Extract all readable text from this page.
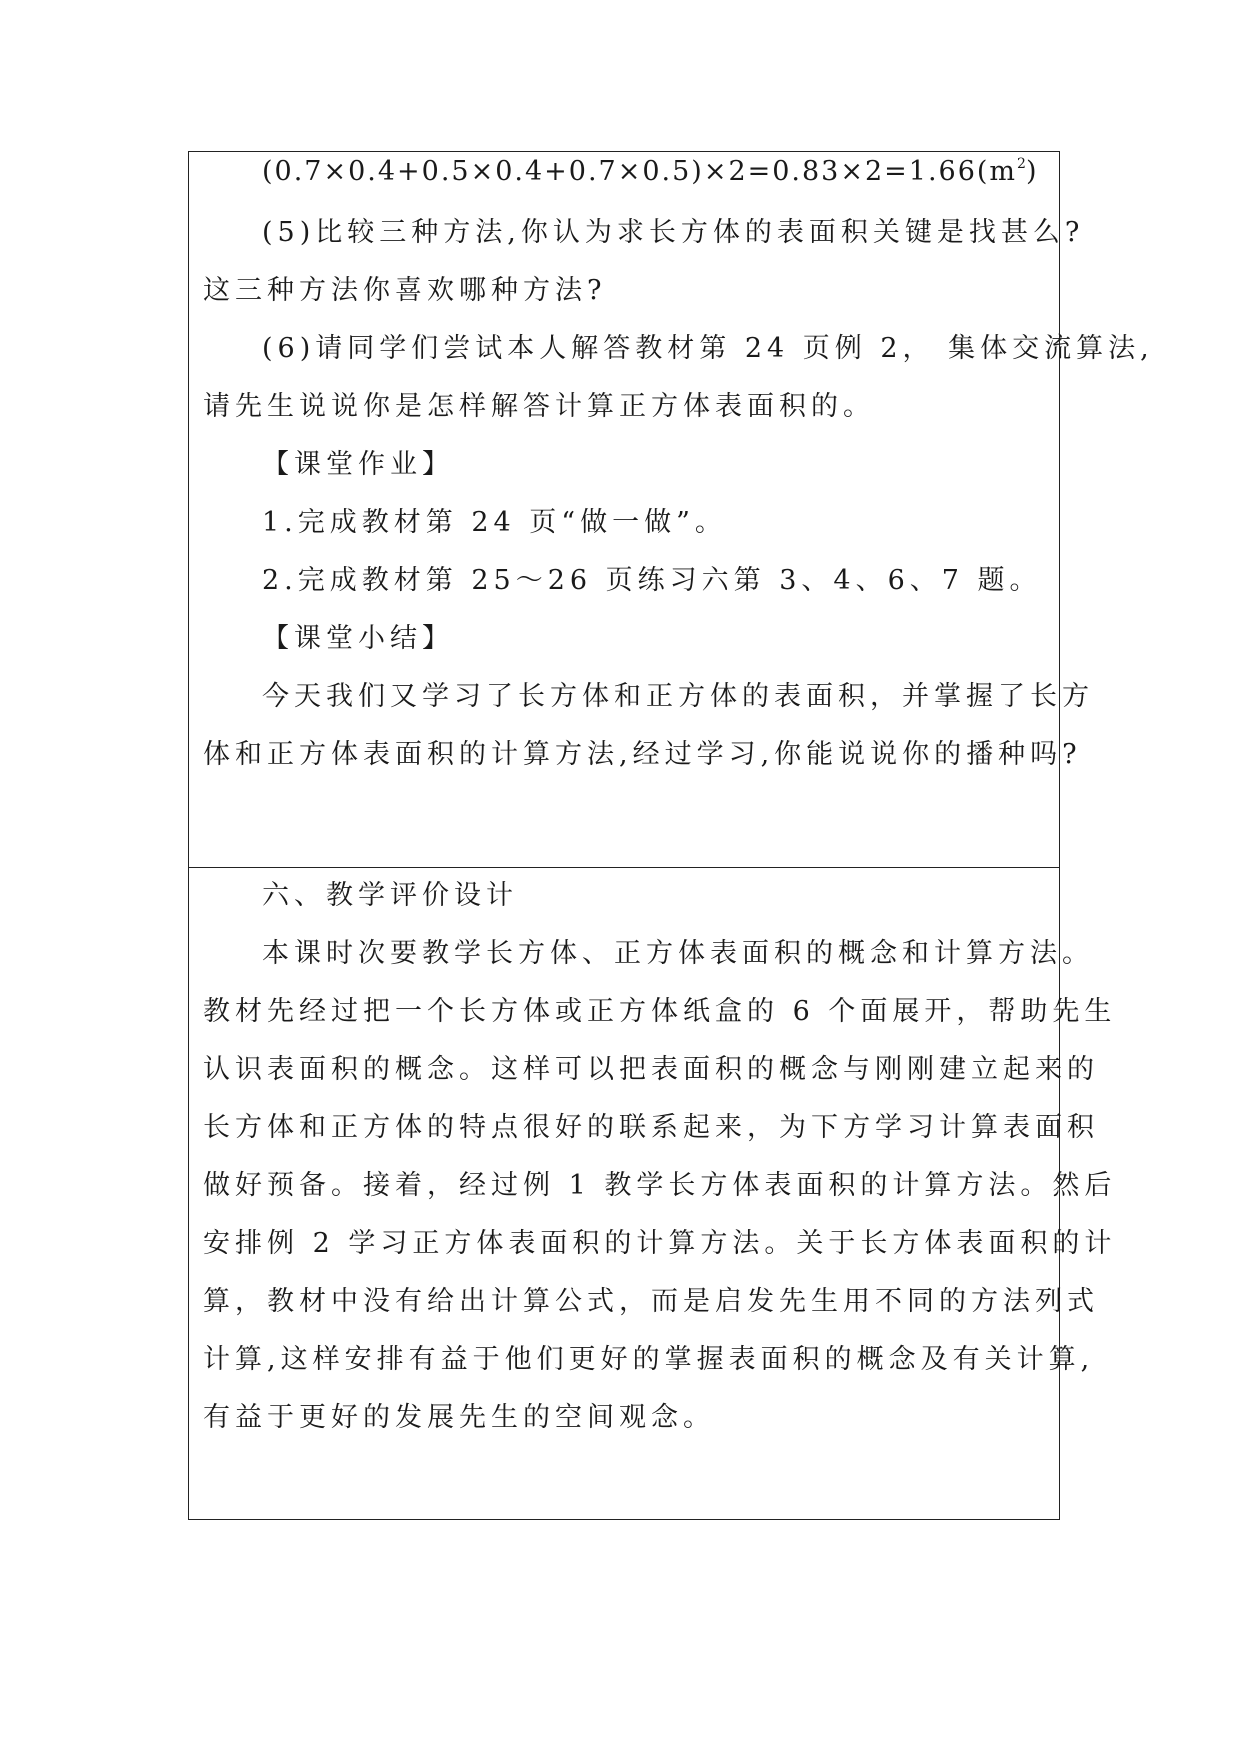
$(0.7\times 0.4+0.5\times 0.4+0.7\times 0.5)\times 2=0.83\times 2=1.66(m^2)$
(5)比较三种方法,你认为求长方体的表面积关键是找甚么?
这三种方法你喜欢哪种方法?
(6)请同学们尝试本人解答教材第 24 页例 2， 集体交流算法,
请先生说说你是怎样解答计算正方体表面积的。
【课堂作业】
1.完成教材第 24 页“做一做”。
2.完成教材第 25～26 页练习六第 3、4、6、7 题。
【课堂小结】
今天我们又学习了长方体和正方体的表面积，并掌握了长方
体和正方体表面积的计算方法,经过学习,你能说说你的播种吗?
六、教学评价设计
本课时次要教学长方体、正方体表面积的概念和计算方法。
教材先经过把一个长方体或正方体纸盒的 6 个面展开，帮助先生
认识表面积的概念。这样可以把表面积的概念与刚刚建立起来的
长方体和正方体的特点很好的联系起来，为下方学习计算表面积
做好预备。接着，经过例 1 教学长方体表面积的计算方法。然后
安排例 2 学习正方体表面积的计算方法。关于长方体表面积的计
算，教材中没有给出计算公式，而是启发先生用不同的方法列式
计算,这样安排有益于他们更好的掌握表面积的概念及有关计算,
有益于更好的发展先生的空间观念。
